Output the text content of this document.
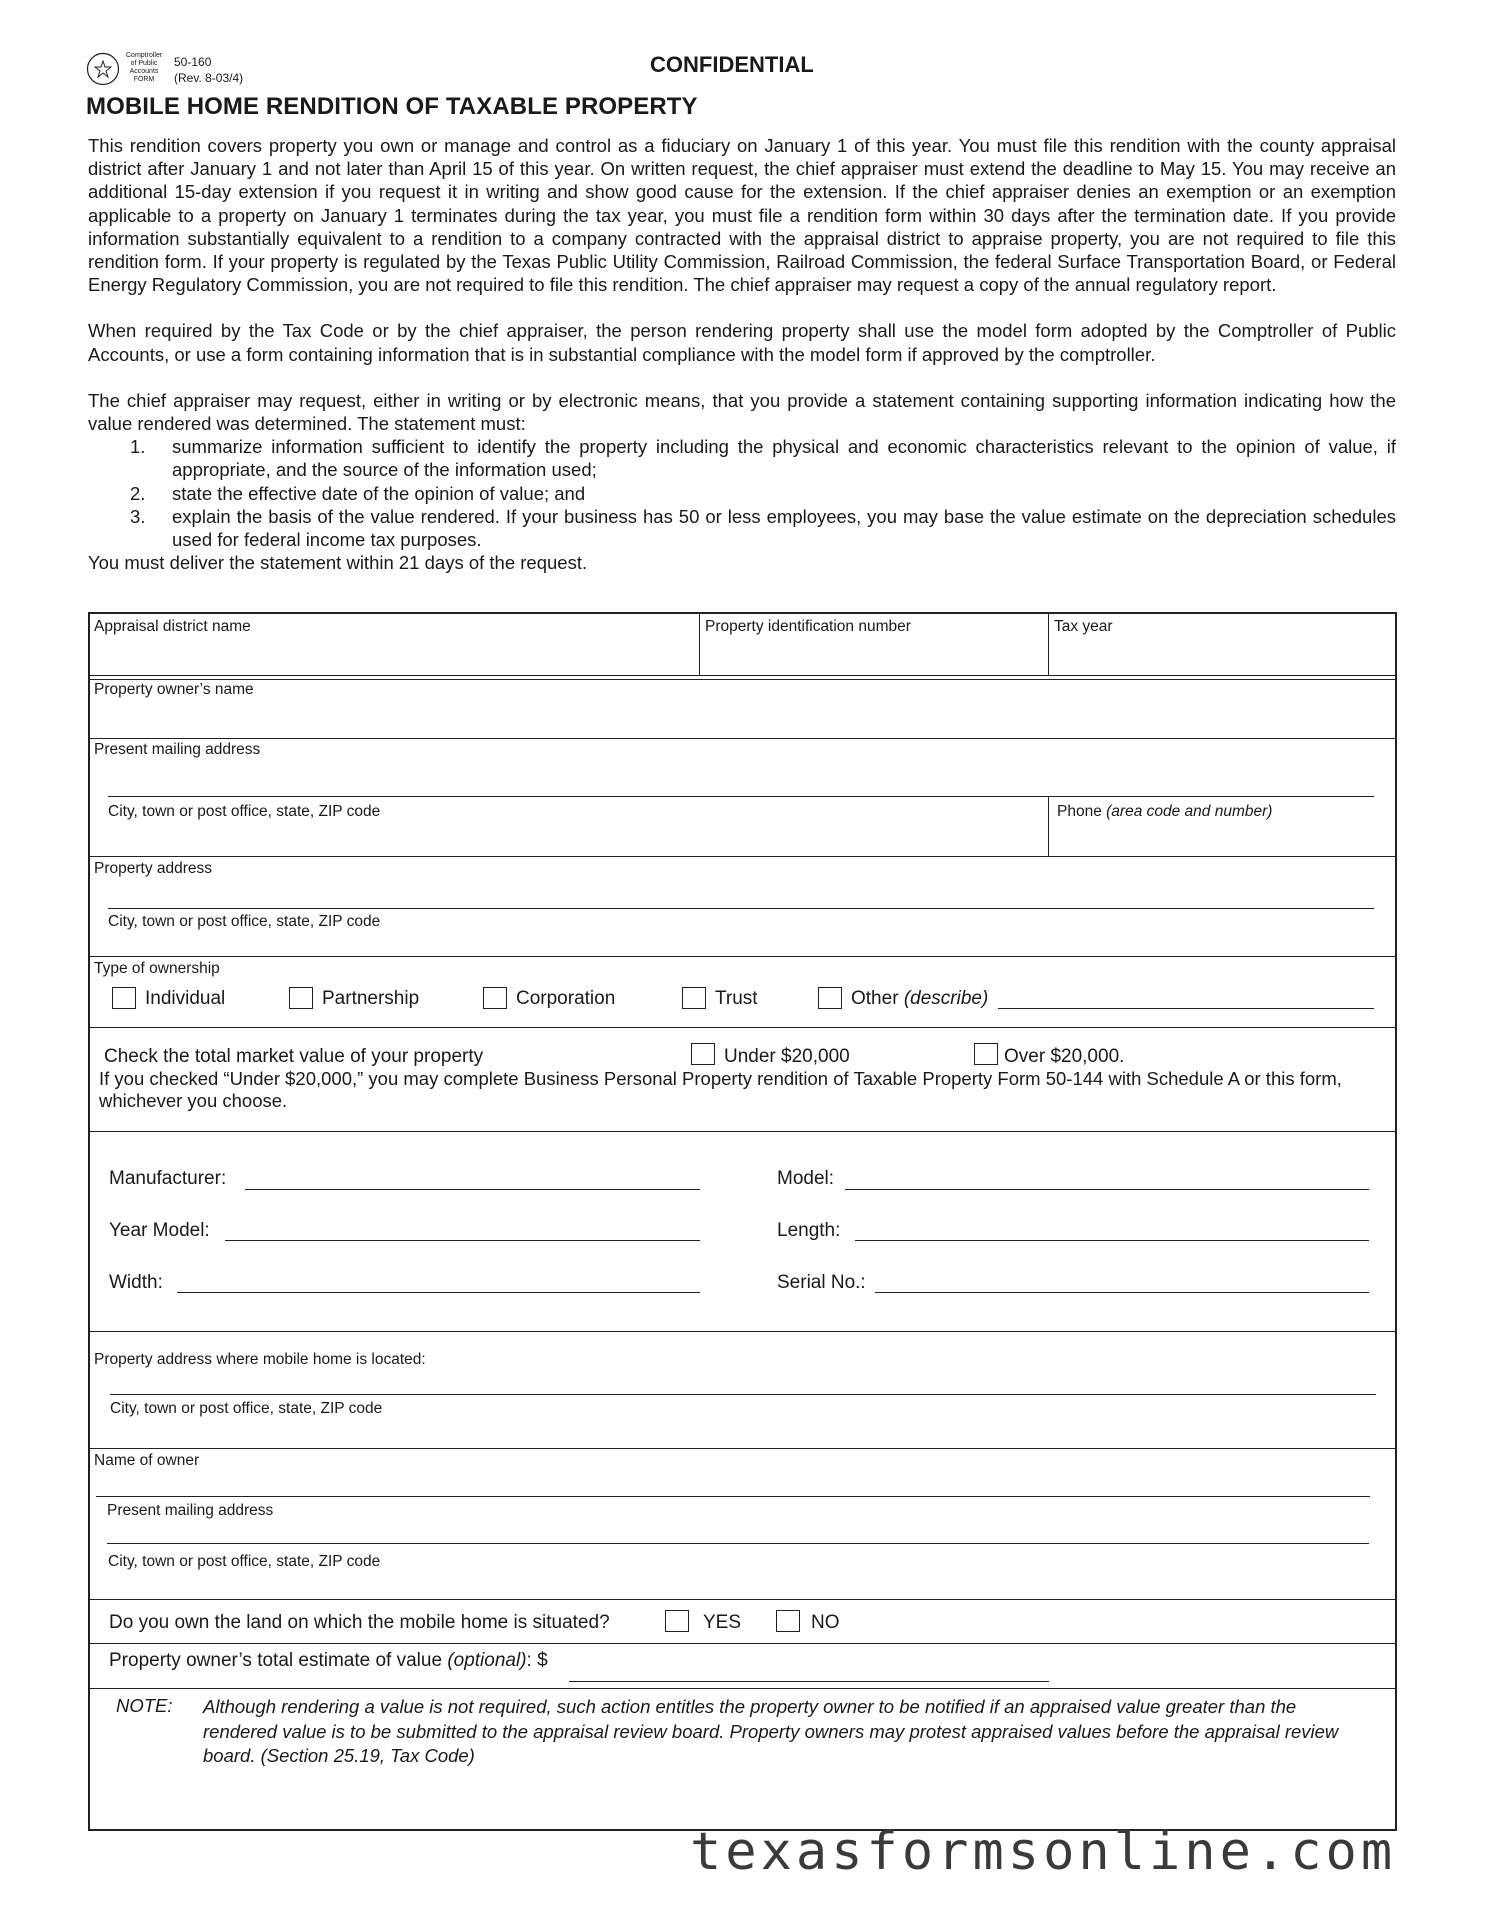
Comptroller
of Public
Accounts
FORM
50-160
(Rev. 8-03/4)
CONFIDENTIAL
MOBILE HOME RENDITION OF TAXABLE PROPERTY

This rendition covers property you own or manage and control as a fiduciary on January 1 of this year. You must file this rendition with the county appraisal district after January 1 and not later than April 15 of this year. On written request, the chief appraiser must extend the deadline to May 15. You may receive an additional 15-day extension if you request it in writing and show good cause for the extension. If the chief appraiser denies an exemption or an exemption applicable to a property on January 1 terminates during the tax year, you must file a rendition form within 30 days after the termination date. If you provide information substantially equivalent to a rendition to a company contracted with the appraisal district to appraise property, you are not required to file this rendition form. If your property is regulated by the Texas Public Utility Commission, Railroad Commission, the federal Surface Transportation Board, or Federal Energy Regulatory Commission, you are not required to file this rendition. The chief appraiser may request a copy of the annual regulatory report.

When required by the Tax Code or by the chief appraiser, the person rendering property shall use the model form adopted by the Comptroller of Public Accounts, or use a form containing information that is in substantial compliance with the model form if approved by the comptroller.

The chief appraiser may request, either in writing or by electronic means, that you provide a statement containing supporting information indicating how the value rendered was determined. The statement must:

1. summarize information sufficient to identify the property including the physical and economic characteristics relevant to the opinion of value, if appropriate, and the source of the information used;
2. state the effective date of the opinion of value; and
3. explain the basis of the value rendered. If your business has 50 or less employees, you may base the value estimate on the depreciation schedules used for federal income tax purposes.

You must deliver the statement within 21 days of the request.

Appraisal district name	Property identification number	Tax year
Property owner’s name
Present mailing address
City, town or post office, state, ZIP code	Phone (area code and number)
Property address
City, town or post office, state, ZIP code
Type of ownership
Individual	Partnership	Corporation	Trust	Other (describe)
Check the total market value of your property	Under $20,000	Over $20,000.
If you checked “Under $20,000,” you may complete Business Personal Property rendition of Taxable Property Form 50-144 with Schedule A or this form, whichever you choose.
Manufacturer:	Model:
Year Model:	Length:
Width:	Serial No.:
Property address where mobile home is located:
City, town or post office, state, ZIP code
Name of owner
Present mailing address
City, town or post office, state, ZIP code
Do you own the land on which the mobile home is situated?	YES	NO
Property owner’s total estimate of value (optional): $
NOTE: Although rendering a value is not required, such action entitles the property owner to be notified if an appraised value greater than the rendered value is to be submitted to the appraisal review board. Property owners may protest appraised values before the appraisal review board. (Section 25.19, Tax Code)
texasformsonline.com
